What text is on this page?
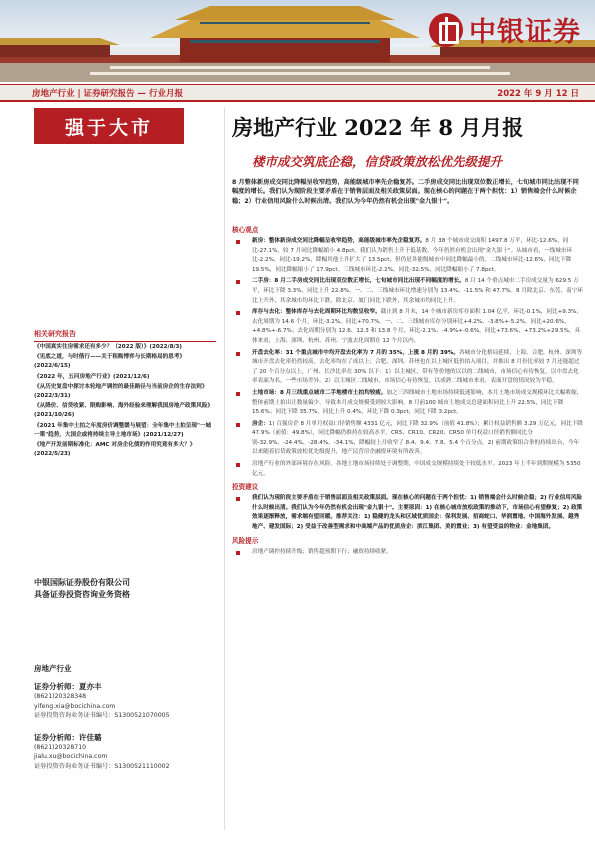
中银证券
房地产行业 | 证券研究报告 — 行业月报	2022 年 9 月 12 日
强于大市	房地产行业 2022 年 8 月月报
楼市成交筑底企稳，信贷政策放松优先级提升
8 月整体新房成交同比降幅呈收窄趋势，高能级城市率先企稳复苏。二手房成交同比出现双位数正增长，七旬城市同比出现不同幅度的增长。我们认为现阶段主要矛盾在于销售层面及相关政策层面。现在核心的问题在于两个担忧：1）销售端会什么时候企稳；2）行业信用风险什么时候出清。我们认为今年仍然有机会出现"金九银十"。
核心观点
新房：整体新房成交同比降幅呈收窄趋势，高能级城市率先企稳复苏。8 月 38 个城市成交面积 1497.8 万平，环比-12.6%，同比-27.1%，较 7 月同比降幅缩小 4.8pct。我们认为销售上升于低基数。今年仍然有机会出现"金九银十"。从城市看，一线城市环比-2.2%，同比-19.2%，降幅其他上升扩大了 13.5pct，但仍是各能级城市中同比降幅最小的。二线城市环比-12.6%，同比下降 19.5%，同比降幅缩小了 17.9pct。三线城市环比-2.2%，同比-32.5%，同比降幅缩小了 7.8pct。
二手房：8 月二手房成交同比出现双位数正增长，七旬城市同比出现不同幅度的增长。8 月 14 个重点城市二手房成交量为 629.5 万平，环比下降 3.3%，同比上升 22.8%。一、二、三线城市环比增速分别为 13.4%、-11.5% 和 47.7%。8 月除北京、东莞、南宁环比上升外，其余城市均环比下跌，除北京、厦门同比下跌外，其余城市均同比上升。
库存与去化：整体库存与去化周期环比均数呈收窄。截止到 8 月末，14 个城市新房库存面积 1.04 亿平，环比-0.1%，同比+9.3%；去化周期为 14.6 个月，环比-3.2%，同比+70.7%。一、二、三线城市库存分别环比+4.2%、-3.8%+-5.2%，同比+20.6%，+4.8%+-6.7%；去化周期分别为 12.6、12.3 和 13.8 个月，环比-2.1%、-4.9%+-0.6%，同比+73.6%，+73.2%+29.5%，具体来看，上海、深圳、杭州、苏州、宁波去化周期在 12 个月以内。
开盘去化率：31 个重点城市中均开盘去化率为 7 月的 35%，上涨 8 月的 39%。各城市分化格局延续，上海、合肥、杭州、深圳等城市开盘去化率仍然较高，去化率均在了成以上；合肥、深圳、苏州也在以上城区低价拍入项目，并推出 8 月份比率较 7 月还能超过了 20 个百分点以上，广州、长沙比率在 30% 以下：1）以主城区，带有等价地的以以的二线城市，市场信心有待恢复，以中盘去化率表面为名，一些市场差异。2）以主城区二线城市，市场信心有待恢复，以成熟二线城市来看，表面开盘的情况较为平稳。
土地市场：8 月三线重点城市二手地楼市土拍均较疲。加之三四线城市土地市场持续低迷影响，本月土地市场成交规模环比大幅收缩，整体前期土拍出让数量偏少，导致本月成交规模受到较大影响。8 月前100 城市土地成交总建面积同比上升 22.5%，同比下降 15.6%；同比下降 35.7%，同比上升 0.4%，环比下降 0.3pct，同比下降 3.2pct。
房企：1) 百强房企 8 月单月权益口径销售额 4331 亿元，同比下降 32.9%（前值 41.8%）；累计权益销售额 3.29 万亿元，同比下降 47.9%（前值：49.8%），同比降幅仍维持在较高水平。CR5、CR10、CR20、CR50 单月权益口径销售额同比分别-32.9%、-24.4%、-28.4%、-34.1%，降幅较上月收窄了 8.4、9.4、7.8、5.4 个百分点。2) 前期政策组合拳的持续出台，今年以来随着信贷政策放松优先级提升，地产民营房企融资环境有所改善。
房地产行业的外部环境存在风险。各地土地市场持续处于调整期，中国成交规模持续处于较低水平。2023 年上半年到期规模为 5350 亿元。
投资建议
我们认为现阶段主要矛盾在于销售层面及相关政策层面。现在核心的问题在于两个担忧：1) 销售端会什么时候企稳；2) 行业信用风险什么时候出清。我们认为今年仍然有机会出现"金九银十"。主要原因：1) 在核心城市放松政策的推动下，市场信心有望修复；2) 政策效果逐渐释放，需求端有望回暖。推荐关注：1) 稳健的龙头和区域优质国企：保利发展、招商蛇口、华润置地、中国海外发展、越秀地产、建发国际；2) 受益于改善型需求和中高端产品的优质房企：滨江集团、美的置业；3) 有望受益的物业：金地集团。
风险提示
房地产调控持续升级；销售超预期下行；融资持续收紧。
相关研究报告
《中国真实住房需求还有多少？（2022 版）》(2022/8/3)
《见底之道，与时偕行——关于租购博弈与长期格局的思考》(2022/6/15)
《2022 年，五问房地产行业》(2021/12/6)
《从历史复盘中探讨本轮地产调控的最佳路径与当前房企的生存法则》(2022/3/31)
《从降价、信贷收紧、限购影响、海外经验来理解我国房地产政策风险》(2021/10/26)
《2021 年集中土拍之年度房价调整缓与展望：全年集中土拍呈现"一城一策"趋势，大国企或将持续主导土地市场》(2021/12/27)
《地产开发前期标准化：AMC 对房企化债的作用究竟有多大？》(2022/5/23)
中银国际证券股份有限公司
具备证券投资咨询业务资格
房地产行业
证券分析师：夏亦丰
(8621)20328348
yifeng.xia@bocichina.com
证券投资咨询业务证书编号：S1300521070005
证券分析师：许佳璐
(8621)20328710
jialu.xu@bocichina.com
证券投资咨询业务证书编号：S1300521110002
